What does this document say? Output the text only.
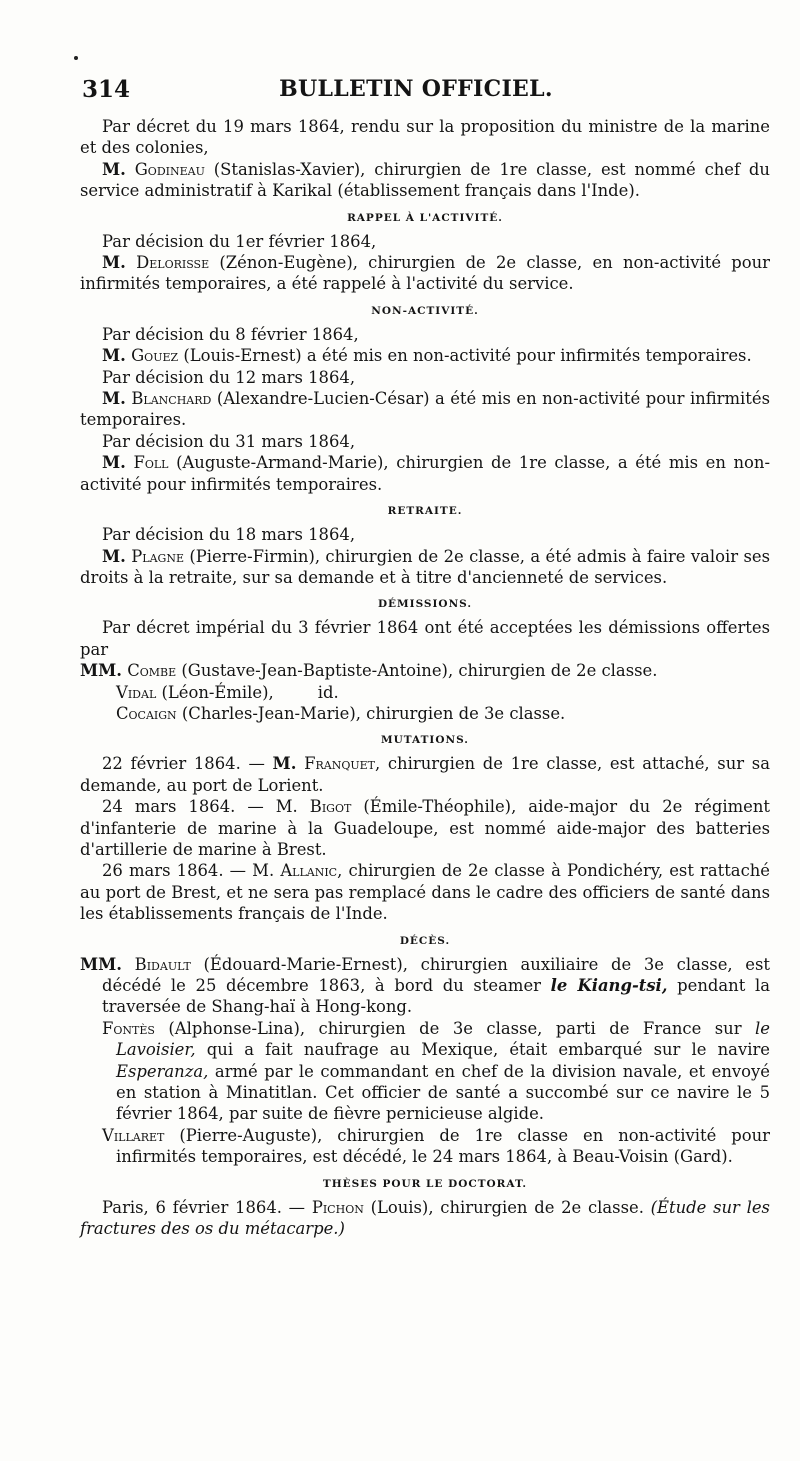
314	BULLETIN OFFICIEL.

Par décret du 19 mars 1864, rendu sur la proposition du ministre de la marine et des colonies,

M. Godineau (Stanislas-Xavier), chirurgien de 1re classe, est nommé chef du service administratif à Karikal (établissement français dans l'Inde).

RAPPEL À L'ACTIVITÉ.

Par décision du 1er février 1864,

M. Delorisse (Zénon-Eugène), chirurgien de 2e classe, en non-activité pour infirmités temporaires, a été rappelé à l'activité du service.

NON-ACTIVITÉ.

Par décision du 8 février 1864,

M. Gouez (Louis-Ernest) a été mis en non-activité pour infirmités temporaires.

Par décision du 12 mars 1864,

M. Blanchard (Alexandre-Lucien-César) a été mis en non-activité pour infirmités temporaires.

Par décision du 31 mars 1864,

M. Foll (Auguste-Armand-Marie), chirurgien de 1re classe, a été mis en non-activité pour infirmités temporaires.

RETRAITE.

Par décision du 18 mars 1864,

M. Plagne (Pierre-Firmin), chirurgien de 2e classe, a été admis à faire valoir ses droits à la retraite, sur sa demande et à titre d'ancienneté de services.

DÉMISSIONS.

Par décret impérial du 3 février 1864 ont été acceptées les démissions offertes par

MM. Combe (Gustave-Jean-Baptiste-Antoine), chirurgien de 2e classe.

Vidal (Léon-Émile),	id.

Cocaign (Charles-Jean-Marie), chirurgien de 3e classe.

MUTATIONS.

22 février 1864. — M. Franquet, chirurgien de 1re classe, est attaché, sur sa demande, au port de Lorient.

24 mars 1864. — M. Bigot (Émile-Théophile), aide-major du 2e régiment d'infanterie de marine à la Guadeloupe, est nommé aide-major des batteries d'artillerie de marine à Brest.

26 mars 1864. — M. Allanic, chirurgien de 2e classe à Pondichéry, est rattaché au port de Brest, et ne sera pas remplacé dans le cadre des officiers de santé dans les établissements français de l'Inde.

DÉCÈS.

MM. Bidault (Édouard-Marie-Ernest), chirurgien auxiliaire de 3e classe, est décédé le 25 décembre 1863, à bord du steamer le Kiang-tsi, pendant la traversée de Shang-haï à Hong-kong.

Fontès (Alphonse-Lina), chirurgien de 3e classe, parti de France sur le Lavoisier, qui a fait naufrage au Mexique, était embarqué sur le navire Esperanza, armé par le commandant en chef de la division navale, et envoyé en station à Minatitlan. Cet officier de santé a succombé sur ce navire le 5 février 1864, par suite de fièvre pernicieuse algide.

Villaret (Pierre-Auguste), chirurgien de 1re classe en non-activité pour infirmités temporaires, est décédé, le 24 mars 1864, à Beau-Voisin (Gard).

THÈSES POUR LE DOCTORAT.

Paris, 6 février 1864. — Pichon (Louis), chirurgien de 2e classe. (Étude sur les fractures des os du métacarpe.)
